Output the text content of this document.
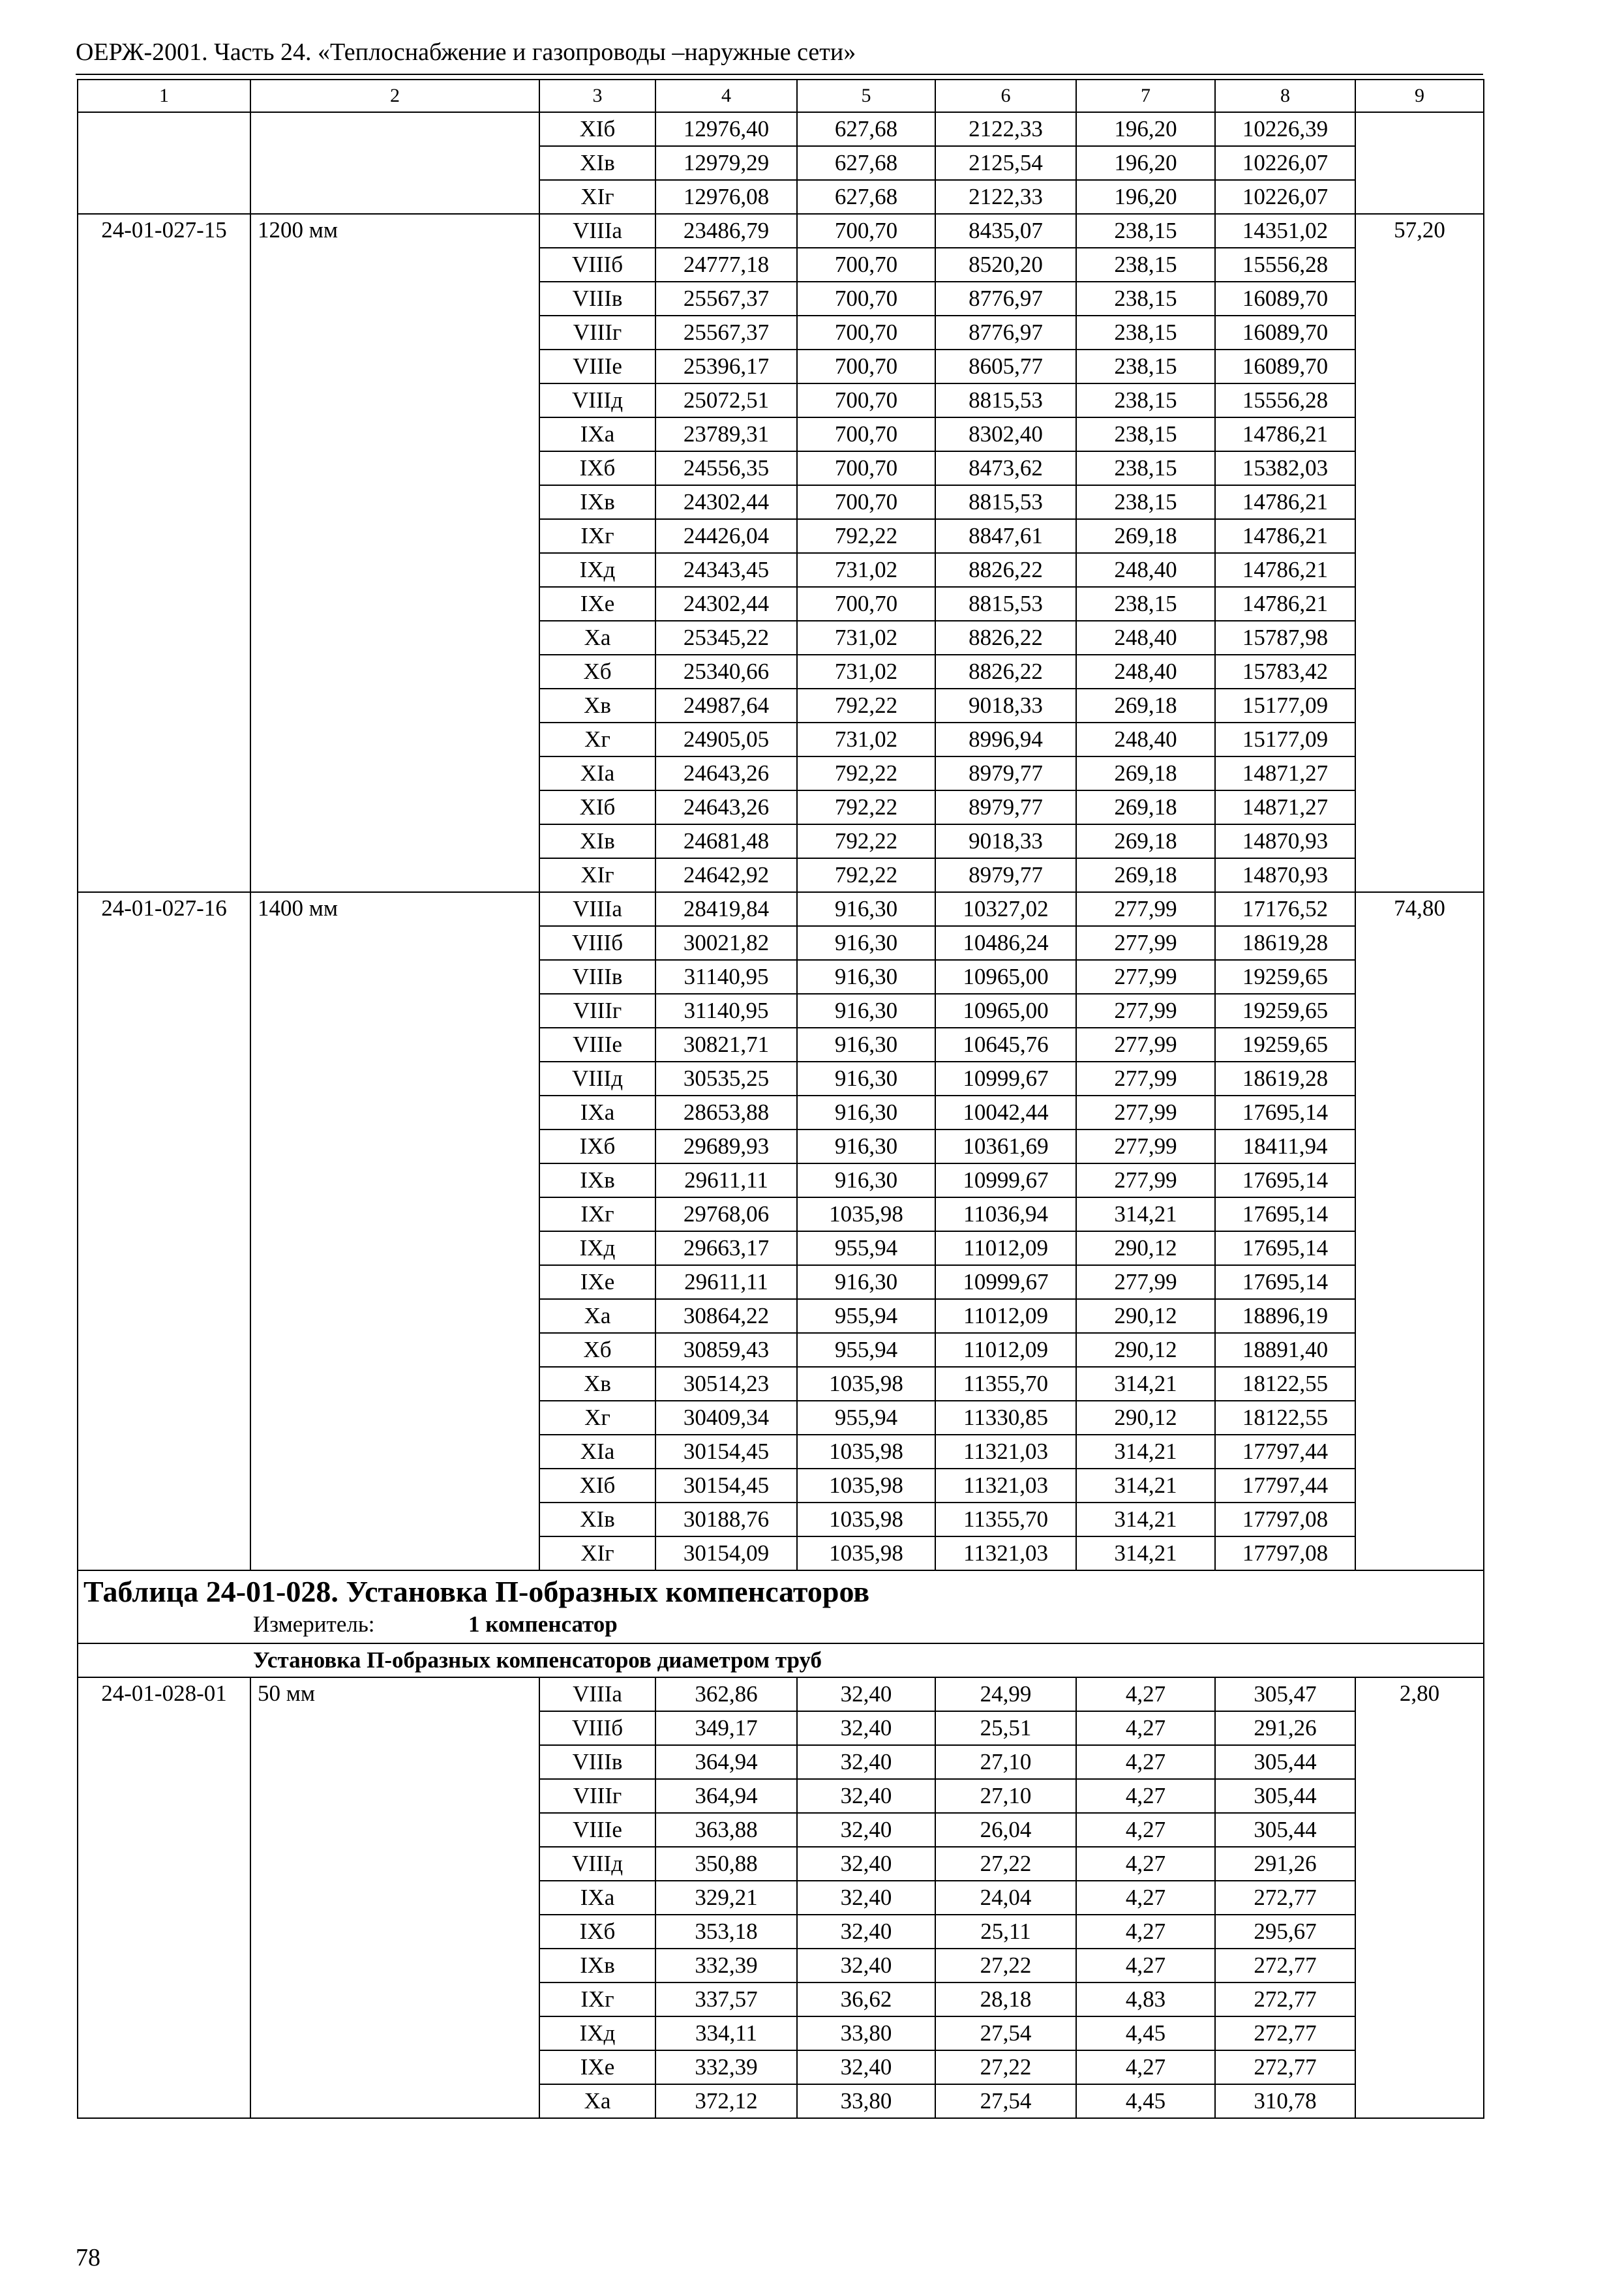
ОЕРЖ-2001. Часть 24. «Теплоснабжение и газопроводы –наружные сети»
1	2	3	4	5	6	7	8	9
		XIб	12976,40	627,68	2122,33	196,20	10226,39	
		XIв	12979,29	627,68	2125,54	196,20	10226,07	
		XIг	12976,08	627,68	2122,33	196,20	10226,07	
24-01-027-15	1200 мм	VIIIа	23486,79	700,70	8435,07	238,15	14351,02	57,20
		VIIIб	24777,18	700,70	8520,20	238,15	15556,28	
		VIIIв	25567,37	700,70	8776,97	238,15	16089,70	
		VIIIг	25567,37	700,70	8776,97	238,15	16089,70	
		VIIIе	25396,17	700,70	8605,77	238,15	16089,70	
		VIIIд	25072,51	700,70	8815,53	238,15	15556,28	
		IXа	23789,31	700,70	8302,40	238,15	14786,21	
		IXб	24556,35	700,70	8473,62	238,15	15382,03	
		IXв	24302,44	700,70	8815,53	238,15	14786,21	
		IXг	24426,04	792,22	8847,61	269,18	14786,21	
		IXд	24343,45	731,02	8826,22	248,40	14786,21	
		IXе	24302,44	700,70	8815,53	238,15	14786,21	
		Xа	25345,22	731,02	8826,22	248,40	15787,98	
		Xб	25340,66	731,02	8826,22	248,40	15783,42	
		Xв	24987,64	792,22	9018,33	269,18	15177,09	
		Xг	24905,05	731,02	8996,94	248,40	15177,09	
		XIа	24643,26	792,22	8979,77	269,18	14871,27	
		XIб	24643,26	792,22	8979,77	269,18	14871,27	
		XIв	24681,48	792,22	9018,33	269,18	14870,93	
		XIг	24642,92	792,22	8979,77	269,18	14870,93	
24-01-027-16	1400 мм	VIIIа	28419,84	916,30	10327,02	277,99	17176,52	74,80
		VIIIб	30021,82	916,30	10486,24	277,99	18619,28	
		VIIIв	31140,95	916,30	10965,00	277,99	19259,65	
		VIIIг	31140,95	916,30	10965,00	277,99	19259,65	
		VIIIе	30821,71	916,30	10645,76	277,99	19259,65	
		VIIIд	30535,25	916,30	10999,67	277,99	18619,28	
		IXа	28653,88	916,30	10042,44	277,99	17695,14	
		IXб	29689,93	916,30	10361,69	277,99	18411,94	
		IXв	29611,11	916,30	10999,67	277,99	17695,14	
		IXг	29768,06	1035,98	11036,94	314,21	17695,14	
		IXд	29663,17	955,94	11012,09	290,12	17695,14	
		IXе	29611,11	916,30	10999,67	277,99	17695,14	
		Xа	30864,22	955,94	11012,09	290,12	18896,19	
		Xб	30859,43	955,94	11012,09	290,12	18891,40	
		Xв	30514,23	1035,98	11355,70	314,21	18122,55	
		Xг	30409,34	955,94	11330,85	290,12	18122,55	
		XIа	30154,45	1035,98	11321,03	314,21	17797,44	
		XIб	30154,45	1035,98	11321,03	314,21	17797,44	
		XIв	30188,76	1035,98	11355,70	314,21	17797,08	
		XIг	30154,09	1035,98	11321,03	314,21	17797,08	

Таблица 24-01-028. Установка П-образных компенсаторов
Измеритель: 1 компенсатор								

Установка П-образных компенсаторов диаметром труб								
24-01-028-01	50 мм	VIIIа	362,86	32,40	24,99	4,27	305,47	2,80
		VIIIб	349,17	32,40	25,51	4,27	291,26	
		VIIIв	364,94	32,40	27,10	4,27	305,44	
		VIIIг	364,94	32,40	27,10	4,27	305,44	
		VIIIе	363,88	32,40	26,04	4,27	305,44	
		VIIIд	350,88	32,40	27,22	4,27	291,26	
		IXа	329,21	32,40	24,04	4,27	272,77	
		IXб	353,18	32,40	25,11	4,27	295,67	
		IXв	332,39	32,40	27,22	4,27	272,77	
		IXг	337,57	36,62	28,18	4,83	272,77	
		IXд	334,11	33,80	27,54	4,45	272,77	
		IXе	332,39	32,40	27,22	4,27	272,77	
		Xа	372,12	33,80	27,54	4,45	310,78	
78
